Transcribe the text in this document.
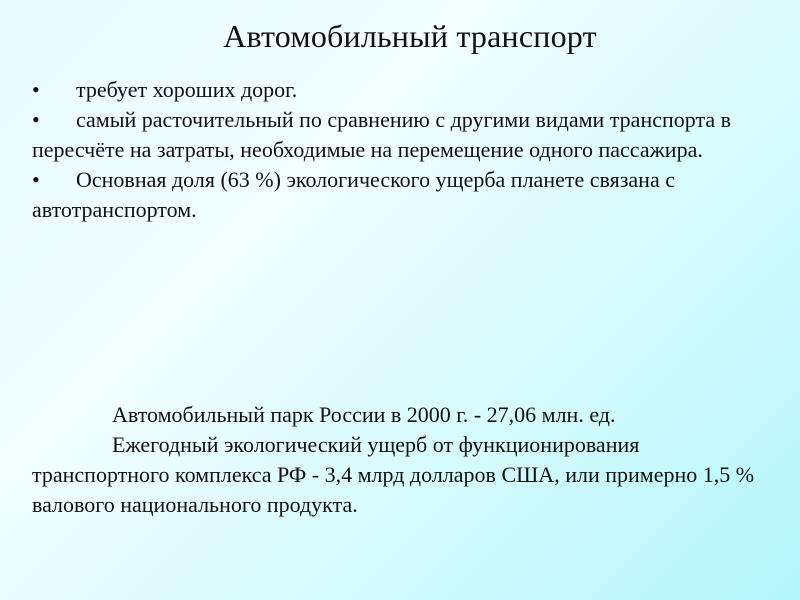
Автомобильный транспорт

• требует хороших дорог.

• самый расточительный по сравнению с другими видами транспорта в пересчёте на затраты, необходимые на перемещение одного пассажира.

• Основная доля (63 %) экологического ущерба планете связана с автотранспортом.

Автомобильный парк России в 2000 г. - 27,06 млн. ед.

Ежегодный экологический ущерб от функционирования транспортного комплекса РФ - 3,4 млрд долларов США, или примерно 1,5 % валового национального продукта.
